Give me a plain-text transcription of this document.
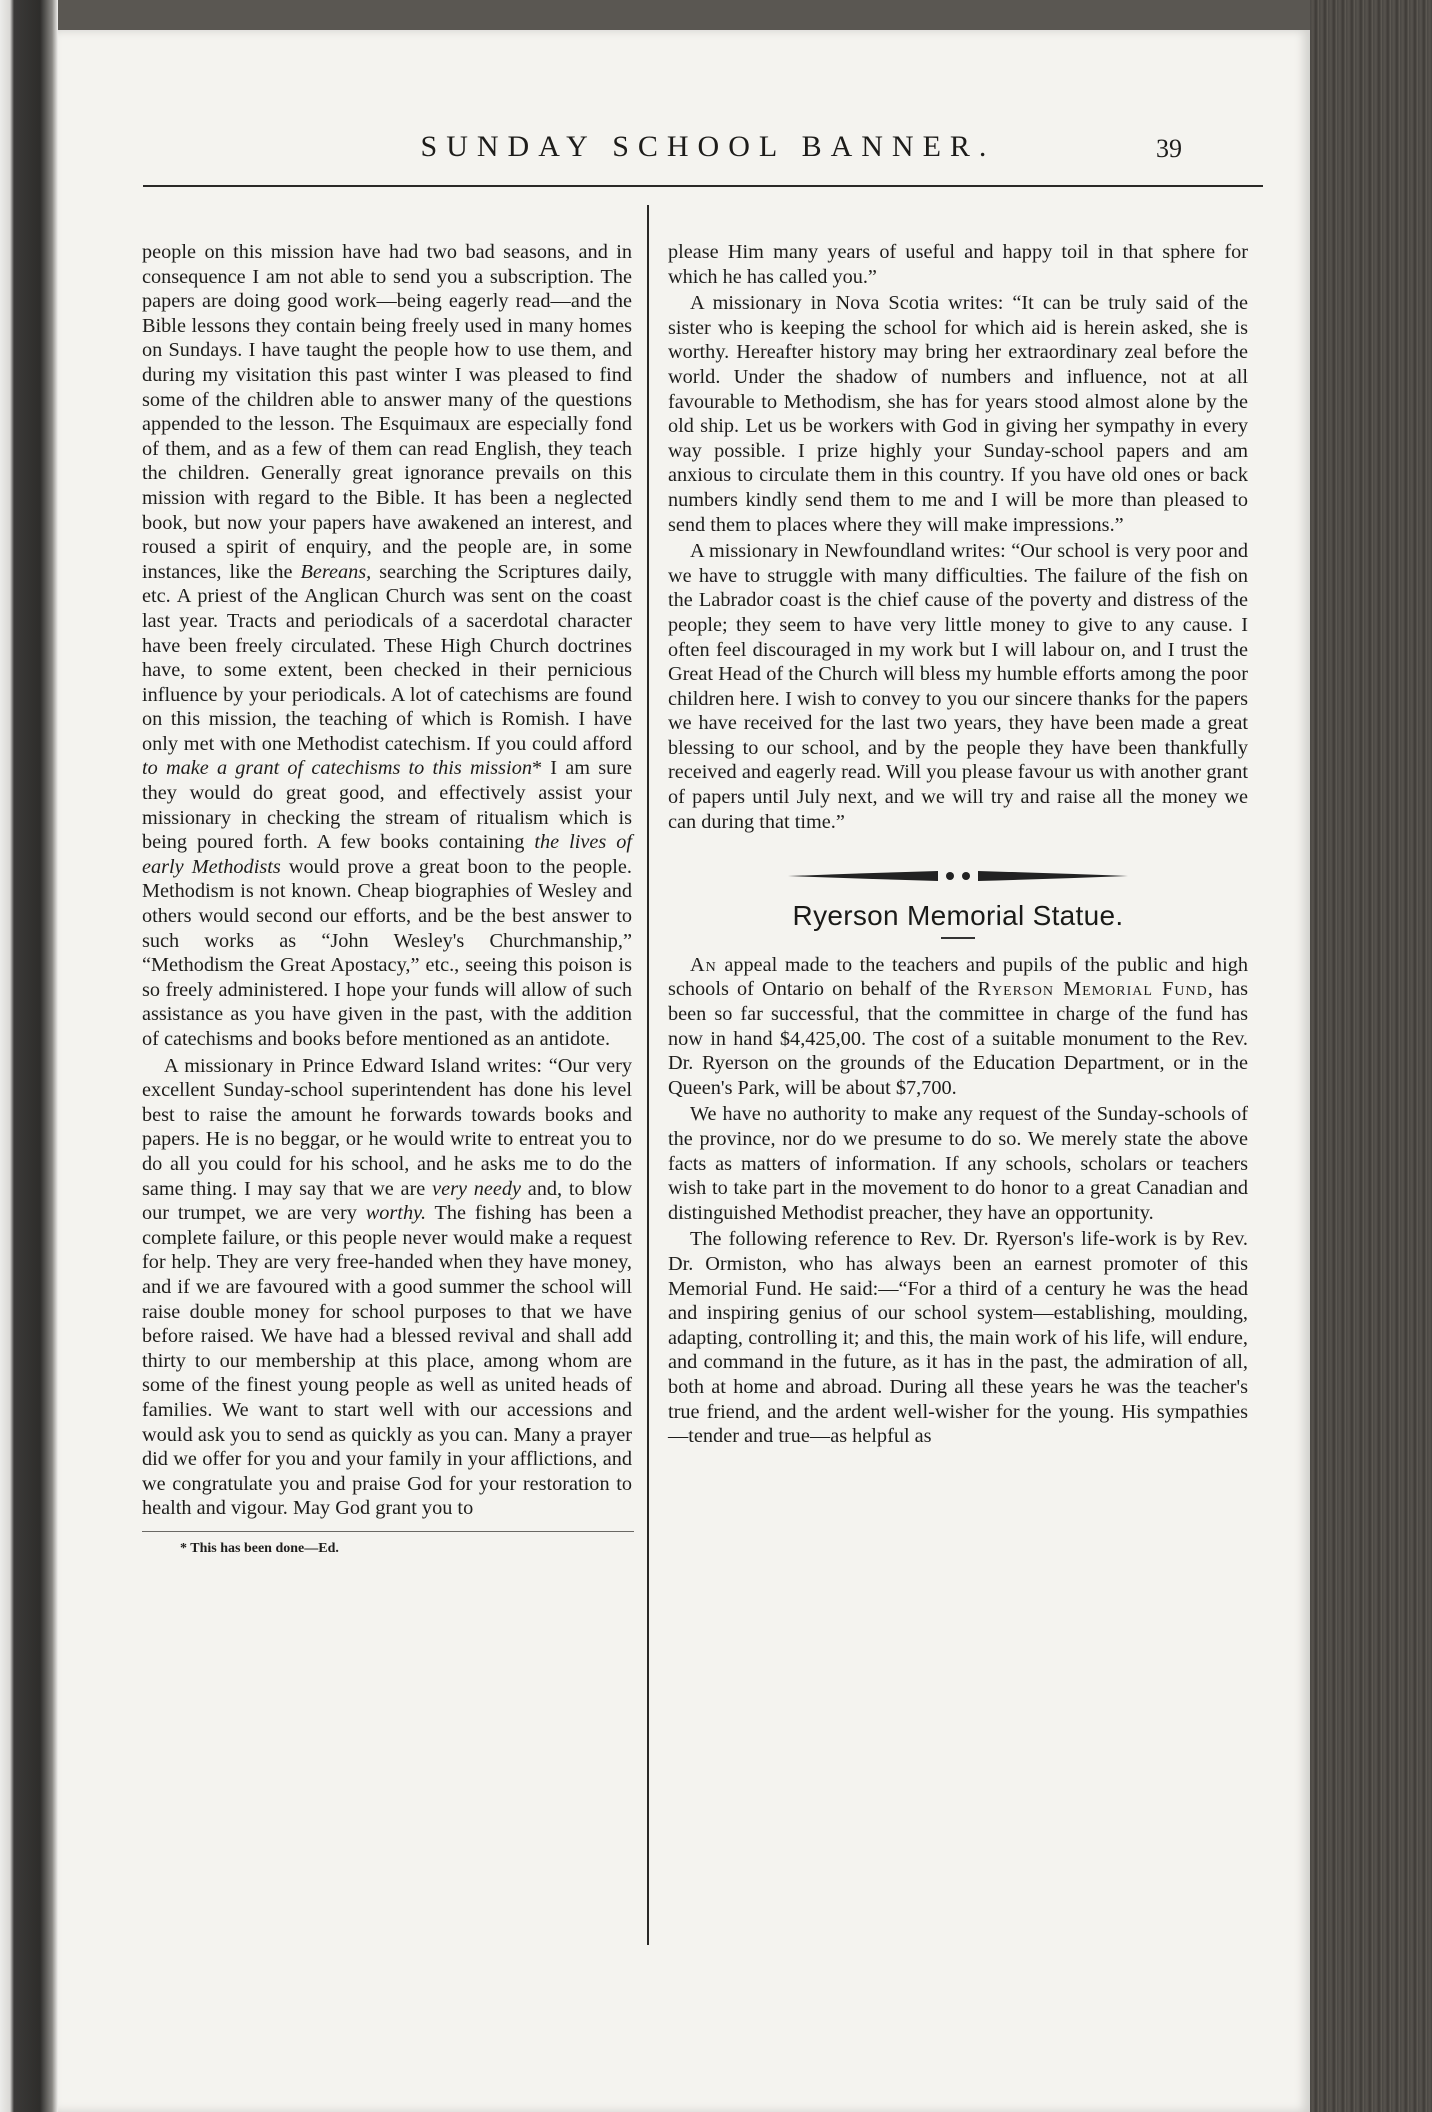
SUNDAY SCHOOL BANNER.	39

people on this mission have had two bad seasons, and in consequence I am not able to send you a subscription. The papers are doing good work—being eagerly read—and the Bible lessons they contain being freely used in many homes on Sundays. I have taught the people how to use them, and during my visitation this past winter I was pleased to find some of the children able to answer many of the questions appended to the lesson. The Esquimaux are especially fond of them, and as a few of them can read English, they teach the children. Generally great ignorance prevails on this mission with regard to the Bible. It has been a neglected book, but now your papers have awakened an interest, and roused a spirit of enquiry, and the people are, in some instances, like the Bereans, searching the Scriptures daily, etc. A priest of the Anglican Church was sent on the coast last year. Tracts and periodicals of a sacerdotal character have been freely circulated. These High Church doctrines have, to some extent, been checked in their pernicious influence by your periodicals. A lot of catechisms are found on this mission, the teaching of which is Romish. I have only met with one Methodist catechism. If you could afford to make a grant of catechisms to this mission* I am sure they would do great good, and effectively assist your missionary in checking the stream of ritualism which is being poured forth. A few books containing the lives of early Methodists would prove a great boon to the people. Methodism is not known. Cheap biographies of Wesley and others would second our efforts, and be the best answer to such works as “John Wesley's Churchmanship,” “Methodism the Great Apostacy,” etc., seeing this poison is so freely administered. I hope your funds will allow of such assistance as you have given in the past, with the addition of catechisms and books before mentioned as an antidote.

A missionary in Prince Edward Island writes: “Our very excellent Sunday-school superintendent has done his level best to raise the amount he forwards towards books and papers. He is no beggar, or he would write to entreat you to do all you could for his school, and he asks me to do the same thing. I may say that we are very needy and, to blow our trumpet, we are very worthy. The fishing has been a complete failure, or this people never would make a request for help. They are very free-handed when they have money, and if we are favoured with a good summer the school will raise double money for school purposes to that we have before raised. We have had a blessed revival and shall add thirty to our membership at this place, among whom are some of the finest young people as well as united heads of families. We want to start well with our accessions and would ask you to send as quickly as you can. Many a prayer did we offer for you and your family in your afflictions, and we congratulate you and praise God for your restoration to health and vigour. May God grant you to

* This has been done—Ed.

please Him many years of useful and happy toil in that sphere for which he has called you.”

A missionary in Nova Scotia writes: “It can be truly said of the sister who is keeping the school for which aid is herein asked, she is worthy. Hereafter history may bring her extraordinary zeal before the world. Under the shadow of numbers and influence, not at all favourable to Methodism, she has for years stood almost alone by the old ship. Let us be workers with God in giving her sympathy in every way possible. I prize highly your Sunday-school papers and am anxious to circulate them in this country. If you have old ones or back numbers kindly send them to me and I will be more than pleased to send them to places where they will make impressions.”

A missionary in Newfoundland writes: “Our school is very poor and we have to struggle with many difficulties. The failure of the fish on the Labrador coast is the chief cause of the poverty and distress of the people; they seem to have very little money to give to any cause. I often feel discouraged in my work but I will labour on, and I trust the Great Head of the Church will bless my humble efforts among the poor children here. I wish to convey to you our sincere thanks for the papers we have received for the last two years, they have been made a great blessing to our school, and by the people they have been thankfully received and eagerly read. Will you please favour us with another grant of papers until July next, and we will try and raise all the money we can during that time.”

Ryerson Memorial Statue.

An appeal made to the teachers and pupils of the public and high schools of Ontario on behalf of the Ryerson Memorial Fund, has been so far successful, that the committee in charge of the fund has now in hand $4,425,00. The cost of a suitable monument to the Rev. Dr. Ryerson on the grounds of the Education Department, or in the Queen's Park, will be about $7,700.

We have no authority to make any request of the Sunday-schools of the province, nor do we presume to do so. We merely state the above facts as matters of information. If any schools, scholars or teachers wish to take part in the movement to do honor to a great Canadian and distinguished Methodist preacher, they have an opportunity.

The following reference to Rev. Dr. Ryerson's life-work is by Rev. Dr. Ormiston, who has always been an earnest promoter of this Memorial Fund. He said:—“For a third of a century he was the head and inspiring genius of our school system—establishing, moulding, adapting, controlling it; and this, the main work of his life, will endure, and command in the future, as it has in the past, the admiration of all, both at home and abroad. During all these years he was the teacher's true friend, and the ardent well-wisher for the young. His sympathies—tender and true—as helpful as
